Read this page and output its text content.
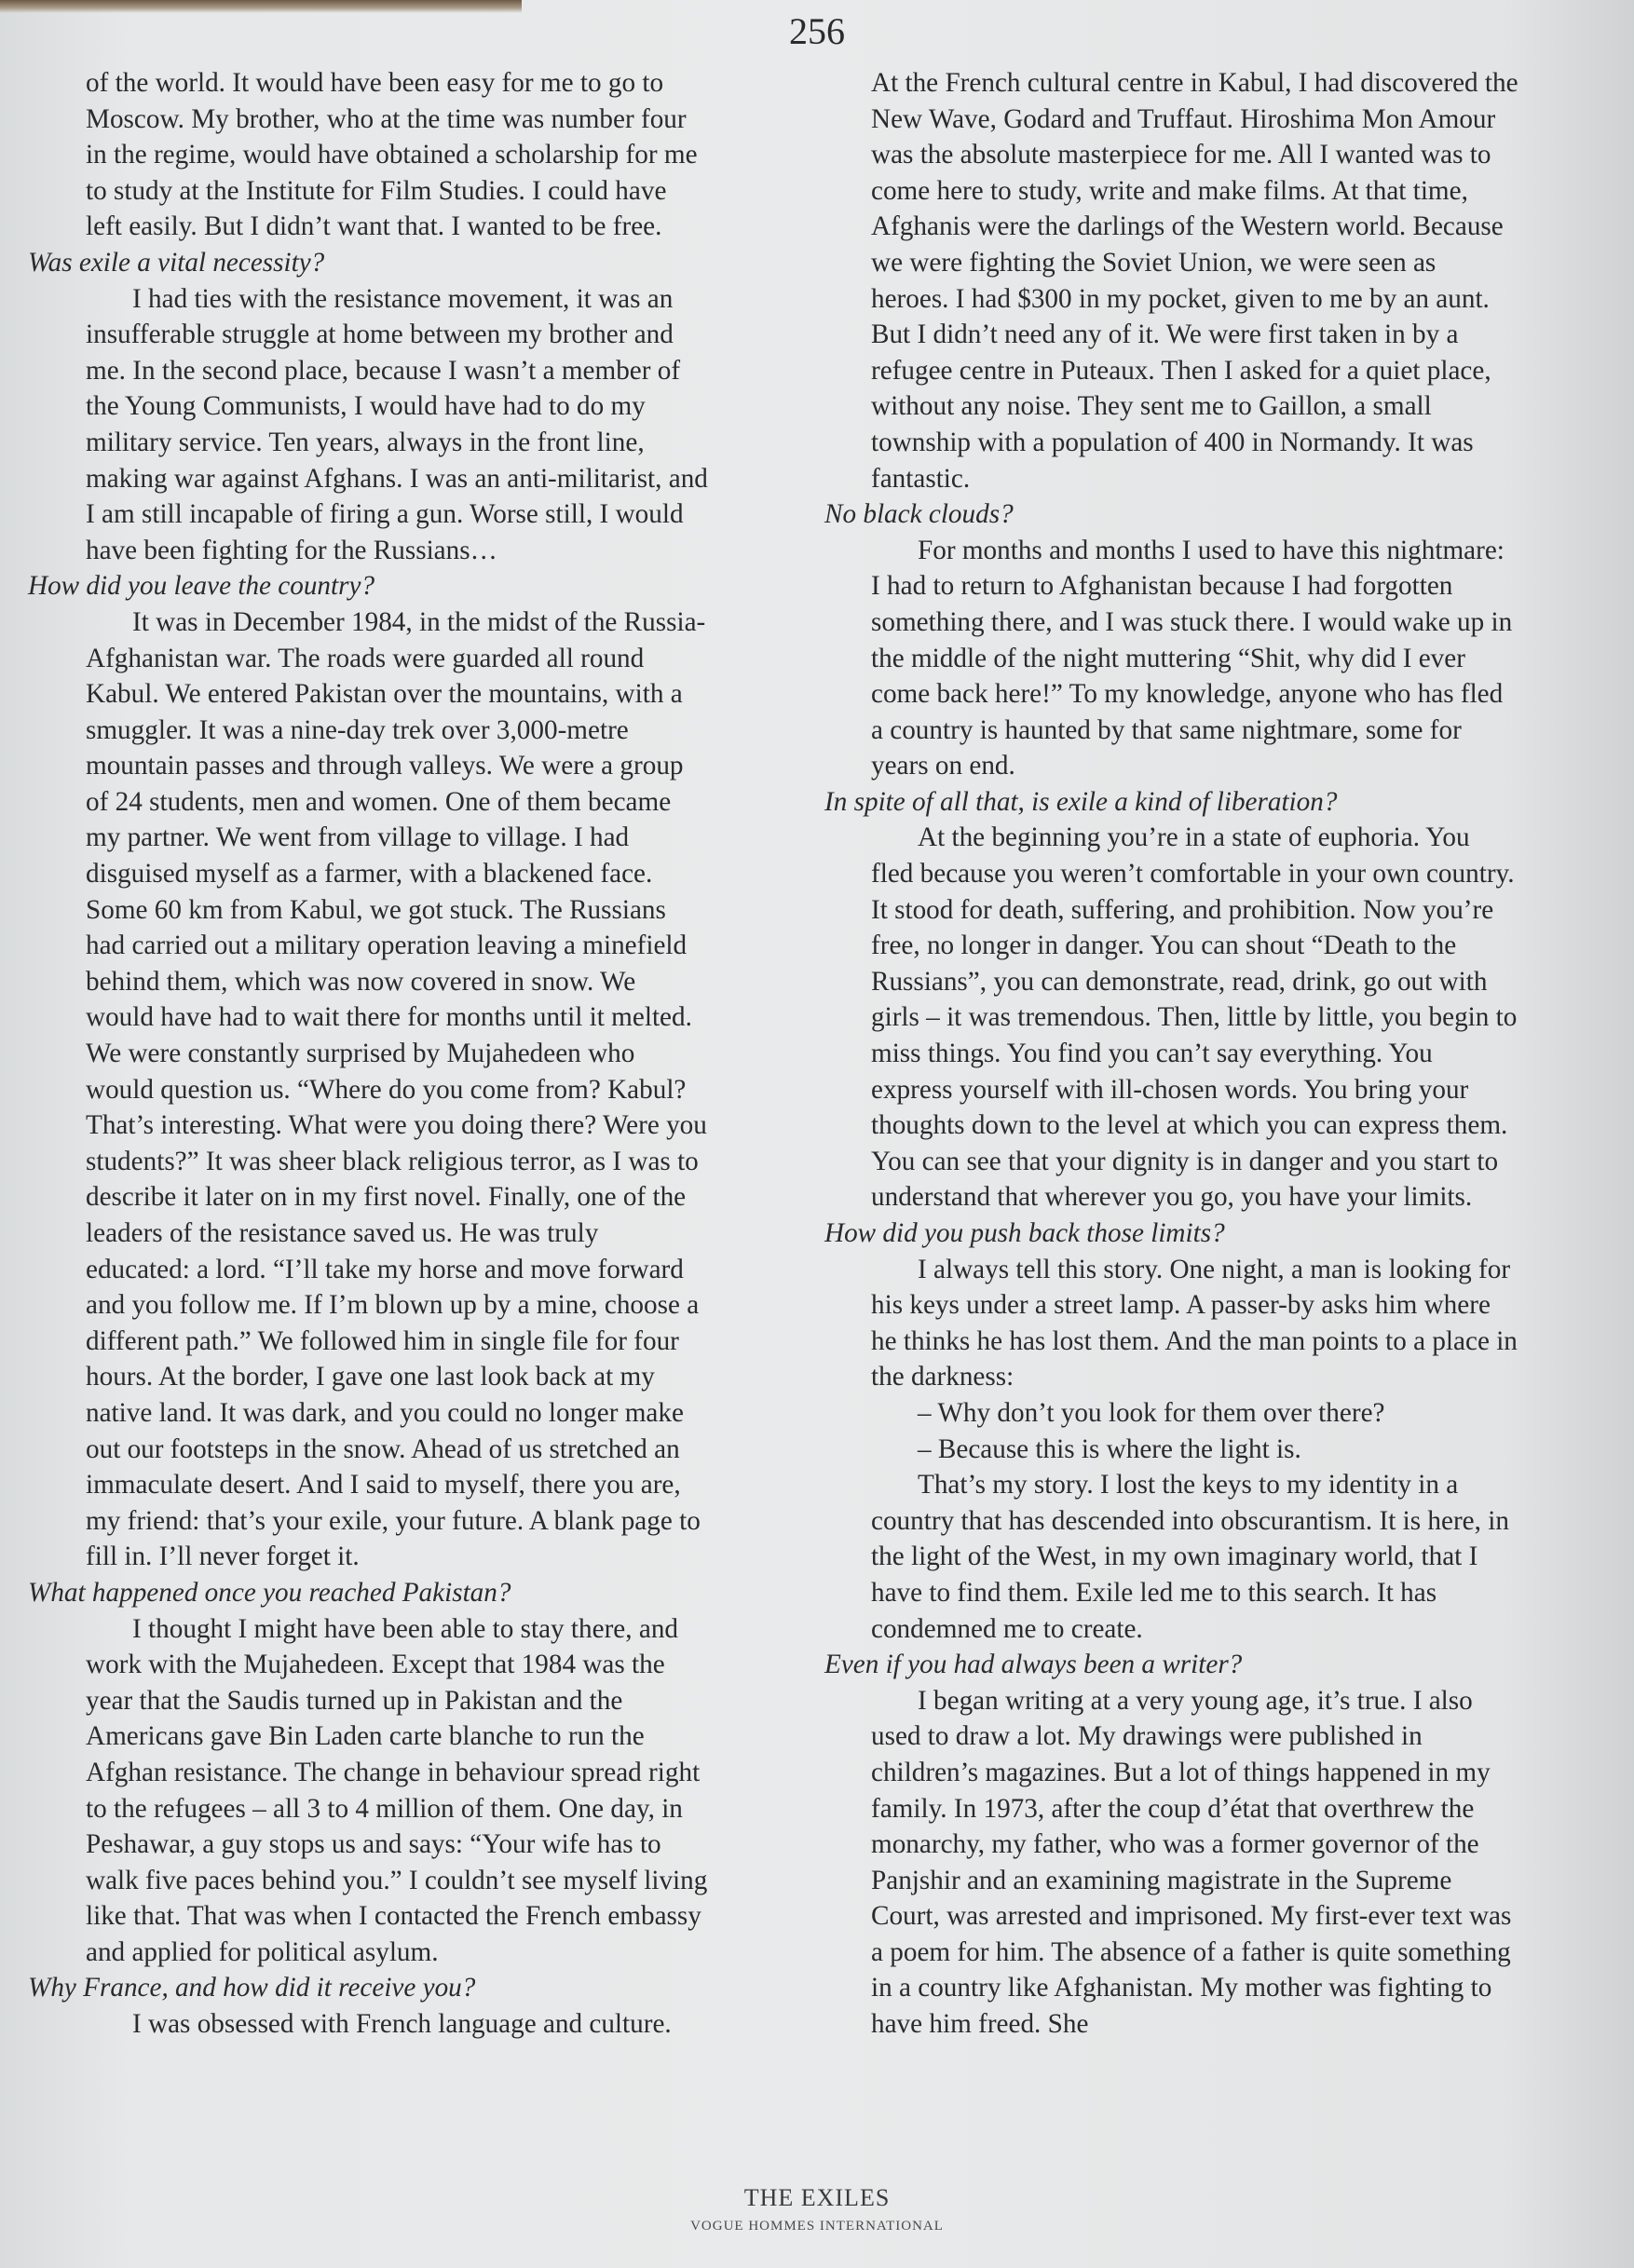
256

of the world. It would have been easy for me to go to Moscow. My brother, who at the time was number four in the regime, would have obtained a scholarship for me to study at the Institute for Film Studies. I could have left easily. But I didn’t want that. I wanted to be free.

Was exile a vital necessity?

I had ties with the resistance movement, it was an insufferable struggle at home between my brother and me. In the second place, because I wasn’t a member of the Young Communists, I would have had to do my military service. Ten years, always in the front line, making war against Afghans. I was an anti-militarist, and I am still incapable of firing a gun. Worse still, I would have been fighting for the Russians…

How did you leave the country?

It was in December 1984, in the midst of the Russia-Afghanistan war. The roads were guarded all round Kabul. We entered Pakistan over the mountains, with a smuggler. It was a nine-day trek over 3,000-metre mountain passes and through valleys. We were a group of 24 students, men and women. One of them became my partner. We went from village to village. I had disguised myself as a farmer, with a blackened face. Some 60 km from Kabul, we got stuck. The Russians had carried out a military operation leaving a minefield behind them, which was now covered in snow. We would have had to wait there for months until it melted. We were constantly surprised by Mujahedeen who would question us. “Where do you come from? Kabul? That’s interesting. What were you doing there? Were you students?” It was sheer black religious terror, as I was to describe it later on in my first novel. Finally, one of the leaders of the resistance saved us. He was truly educated: a lord. “I’ll take my horse and move forward and you follow me. If I’m blown up by a mine, choose a different path.” We followed him in single file for four hours. At the border, I gave one last look back at my native land. It was dark, and you could no longer make out our footsteps in the snow. Ahead of us stretched an immaculate desert. And I said to myself, there you are, my friend: that’s your exile, your future. A blank page to fill in. I’ll never forget it.

What happened once you reached Pakistan?

I thought I might have been able to stay there, and work with the Mujahedeen. Except that 1984 was the year that the Saudis turned up in Pakistan and the Americans gave Bin Laden carte blanche to run the Afghan resistance. The change in behaviour spread right to the refugees – all 3 to 4 million of them. One day, in Peshawar, a guy stops us and says: “Your wife has to walk five paces behind you.” I couldn’t see myself living like that. That was when I contacted the French embassy and applied for political asylum.

Why France, and how did it receive you?

I was obsessed with French language and culture.

At the French cultural centre in Kabul, I had discovered the New Wave, Godard and Truffaut. Hiroshima Mon Amour was the absolute masterpiece for me. All I wanted was to come here to study, write and make films. At that time, Afghanis were the darlings of the Western world. Because we were fighting the Soviet Union, we were seen as heroes. I had $300 in my pocket, given to me by an aunt. But I didn’t need any of it. We were first taken in by a refugee centre in Puteaux. Then I asked for a quiet place, without any noise. They sent me to Gaillon, a small township with a population of 400 in Normandy. It was fantastic.

No black clouds?

For months and months I used to have this nightmare: I had to return to Afghanistan because I had forgotten something there, and I was stuck there. I would wake up in the middle of the night muttering “Shit, why did I ever come back here!” To my knowledge, anyone who has fled a country is haunted by that same nightmare, some for years on end.

In spite of all that, is exile a kind of liberation?

At the beginning you’re in a state of euphoria. You fled because you weren’t comfortable in your own country. It stood for death, suffering, and prohibition. Now you’re free, no longer in danger. You can shout “Death to the Russians”, you can demonstrate, read, drink, go out with girls – it was tremendous. Then, little by little, you begin to miss things. You find you can’t say everything. You express yourself with ill-chosen words. You bring your thoughts down to the level at which you can express them. You can see that your dignity is in danger and you start to understand that wherever you go, you have your limits.

How did you push back those limits?

I always tell this story. One night, a man is looking for his keys under a street lamp. A passer-by asks him where he thinks he has lost them. And the man points to a place in the darkness:

– Why don’t you look for them over there?

– Because this is where the light is.

That’s my story. I lost the keys to my identity in a country that has descended into obscurantism. It is here, in the light of the West, in my own imaginary world, that I have to find them. Exile led me to this search. It has condemned me to create.

Even if you had always been a writer?

I began writing at a very young age, it’s true. I also used to draw a lot. My drawings were published in children’s magazines. But a lot of things happened in my family. In 1973, after the coup d’état that overthrew the monarchy, my father, who was a former governor of the Panjshir and an examining magistrate in the Supreme Court, was arrested and imprisoned. My first-ever text was a poem for him. The absence of a father is quite something in a country like Afghanistan. My mother was fighting to have him freed. She

THE EXILES
VOGUE HOMMES INTERNATIONAL
